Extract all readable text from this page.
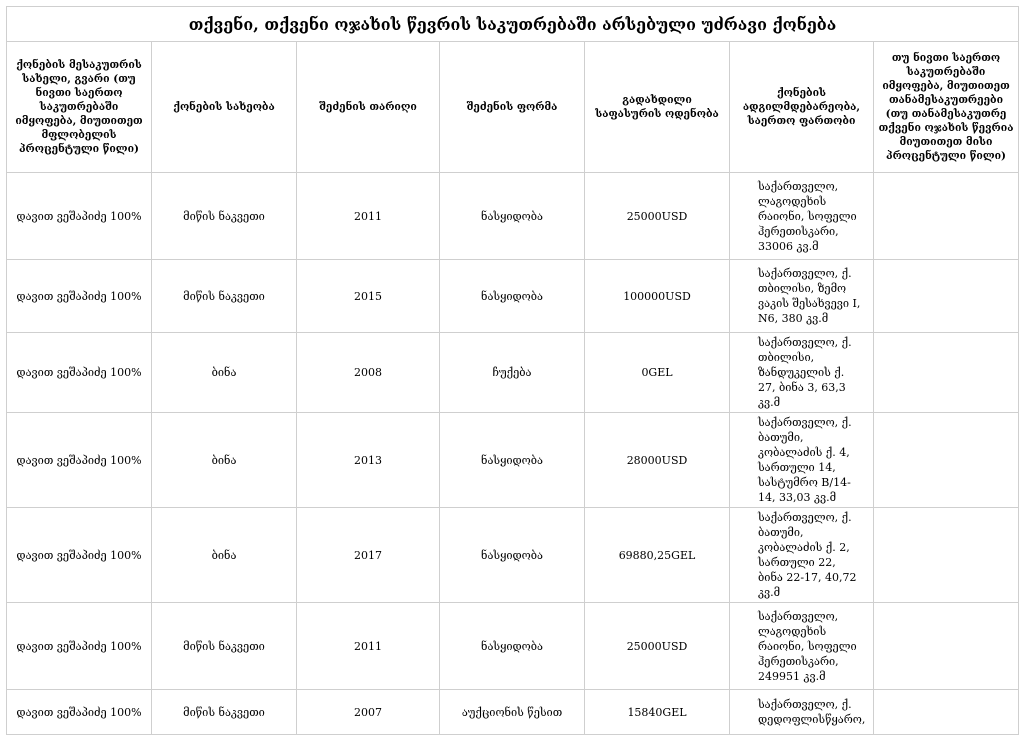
თქვენი, თქვენი ოჯახის წევრის საკუთრებაში არსებული უძრავი ქონება						
ქონების მესაკუთრის სახელი, გვარი (თუ ნივთი საერთო საკუთრებაში იმყოფება, მიუთითეთ მფლობელის პროცენტული წილი)	ქონების სახეობა	შეძენის თარიღი	შეძენის ფორმა	გადახდილი საფასურის ოდენობა	ქონების ადგილმდებარეობა, საერთო ფართობი	თუ ნივთი საერთო საკუთრებაში იმყოფება, მიუთითეთ თანამესაკუთრეები (თუ თანამესაკუთრე თქვენი ოჯახის წევრია მიუთითეთ მისი პროცენტული წილი)
დავით ვეშაპიძე 100%	მიწის ნაკვეთი	2011	ნასყიდობა	25000USD	საქართველო, ლაგოდეხის რაიონი, სოფელი ჰერეთისკარი, 33006 კვ.მ	
დავით ვეშაპიძე 100%	მიწის ნაკვეთი	2015	ნასყიდობა	100000USD	საქართველო, ქ. თბილისი, ზემო ვაკის შესახვევი I, N6, 380 კვ.მ	
დავით ვეშაპიძე 100%	ბინა	2008	ჩუქება	0GEL	საქართველო, ქ. თბილისი, ზანდუკელის ქ. 27, ბინა 3, 63,3 კვ.მ	
დავით ვეშაპიძე 100%	ბინა	2013	ნასყიდობა	28000USD	საქართველო, ქ. ბათუმი, კობალაძის ქ. 4, სართული 14, სასტუმრო B/14-14, 33,03 კვ.მ	
დავით ვეშაპიძე 100%	ბინა	2017	ნასყიდობა	69880,25GEL	საქართველო, ქ. ბათუმი, კობალაძის ქ. 2, სართული 22, ბინა 22-17, 40,72 კვ.მ	
დავით ვეშაპიძე 100%	მიწის ნაკვეთი	2011	ნასყიდობა	25000USD	საქართველო, ლაგოდეხის რაიონი, სოფელი ჰერეთისკარი, 249951 კვ.მ	
დავით ვეშაპიძე 100%	მიწის ნაკვეთი	2007	აუქციონის წესით	15840GEL	საქართველო, ქ. დედოფლისწყარო,	
